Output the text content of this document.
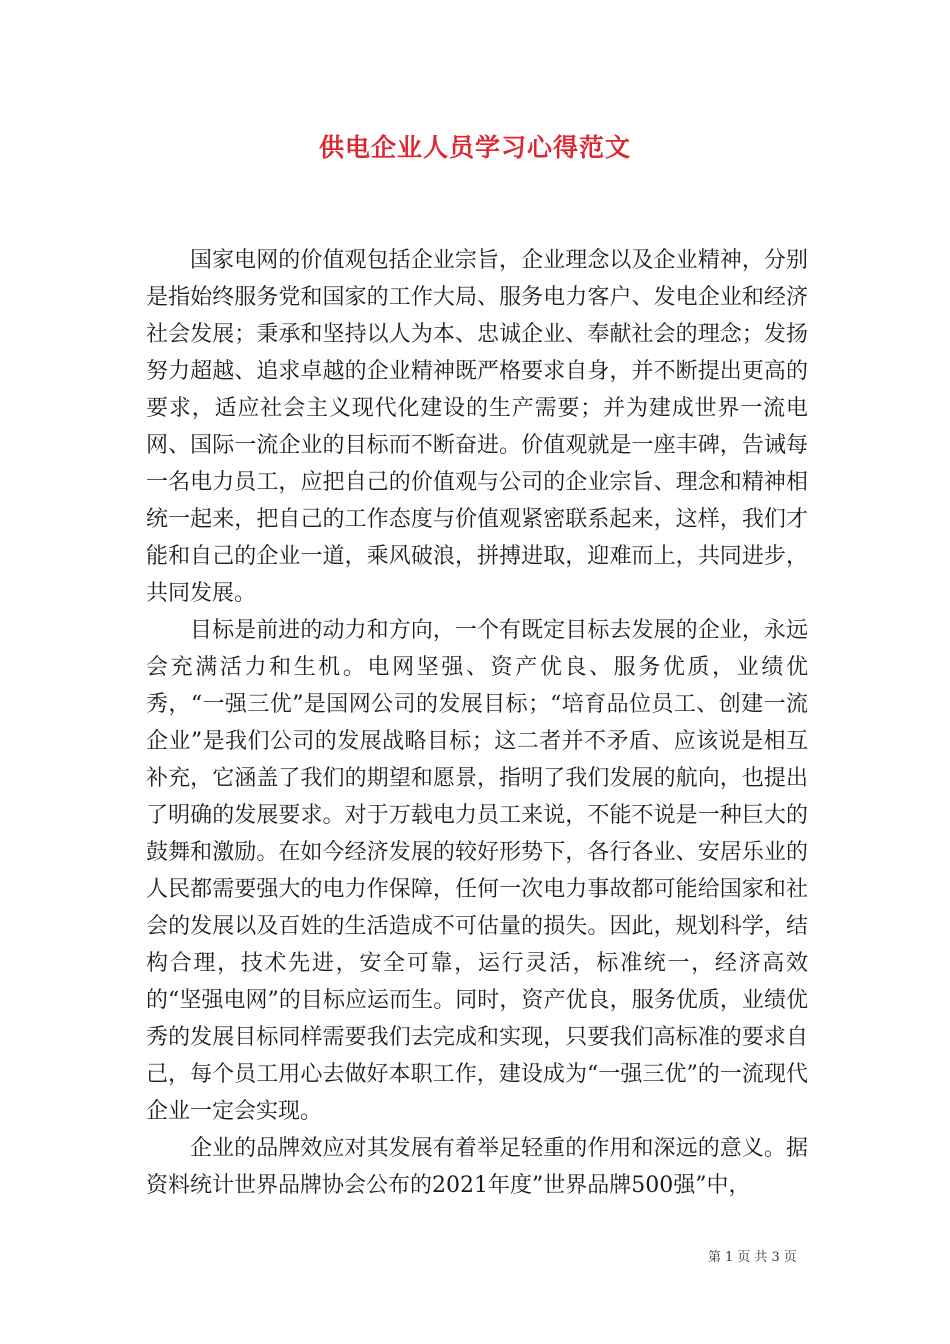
供电企业人员学习心得范文

国家电网的价值观包括企业宗旨，企业理念以及企业精神，分别是指始终服务党和国家的工作大局、服务电力客户、发电企业和经济社会发展；秉承和坚持以人为本、忠诚企业、奉献社会的理念；发扬努力超越、追求卓越的企业精神既严格要求自身，并不断提出更高的要求，适应社会主义现代化建设的生产需要；并为建成世界一流电网、国际一流企业的目标而不断奋进。价值观就是一座丰碑，告诫每一名电力员工，应把自己的价值观与公司的企业宗旨、理念和精神相统一起来，把自己的工作态度与价值观紧密联系起来，这样，我们才能和自己的企业一道，乘风破浪，拼搏进取，迎难而上，共同进步，共同发展。

目标是前进的动力和方向，一个有既定目标去发展的企业，永远会充满活力和生机。电网坚强、资产优良、服务优质，业绩优秀，“一强三优”是国网公司的发展目标；“培育品位员工、创建一流企业”是我们公司的发展战略目标；这二者并不矛盾、应该说是相互补充，它涵盖了我们的期望和愿景，指明了我们发展的航向，也提出了明确的发展要求。对于万载电力员工来说，不能不说是一种巨大的鼓舞和激励。在如今经济发展的较好形势下，各行各业、安居乐业的人民都需要强大的电力作保障，任何一次电力事故都可能给国家和社会的发展以及百姓的生活造成不可估量的损失。因此，规划科学，结构合理，技术先进，安全可靠，运行灵活，标准统一，经济高效的“坚强电网”的目标应运而生。同时，资产优良，服务优质，业绩优秀的发展目标同样需要我们去完成和实现，只要我们高标准的要求自己，每个员工用心去做好本职工作，建设成为“一强三优”的一流现代企业一定会实现。

企业的品牌效应对其发展有着举足轻重的作用和深远的意义。据资料统计世界品牌协会公布的2021年度”世界品牌500强”中，

第 1 页 共 3 页
